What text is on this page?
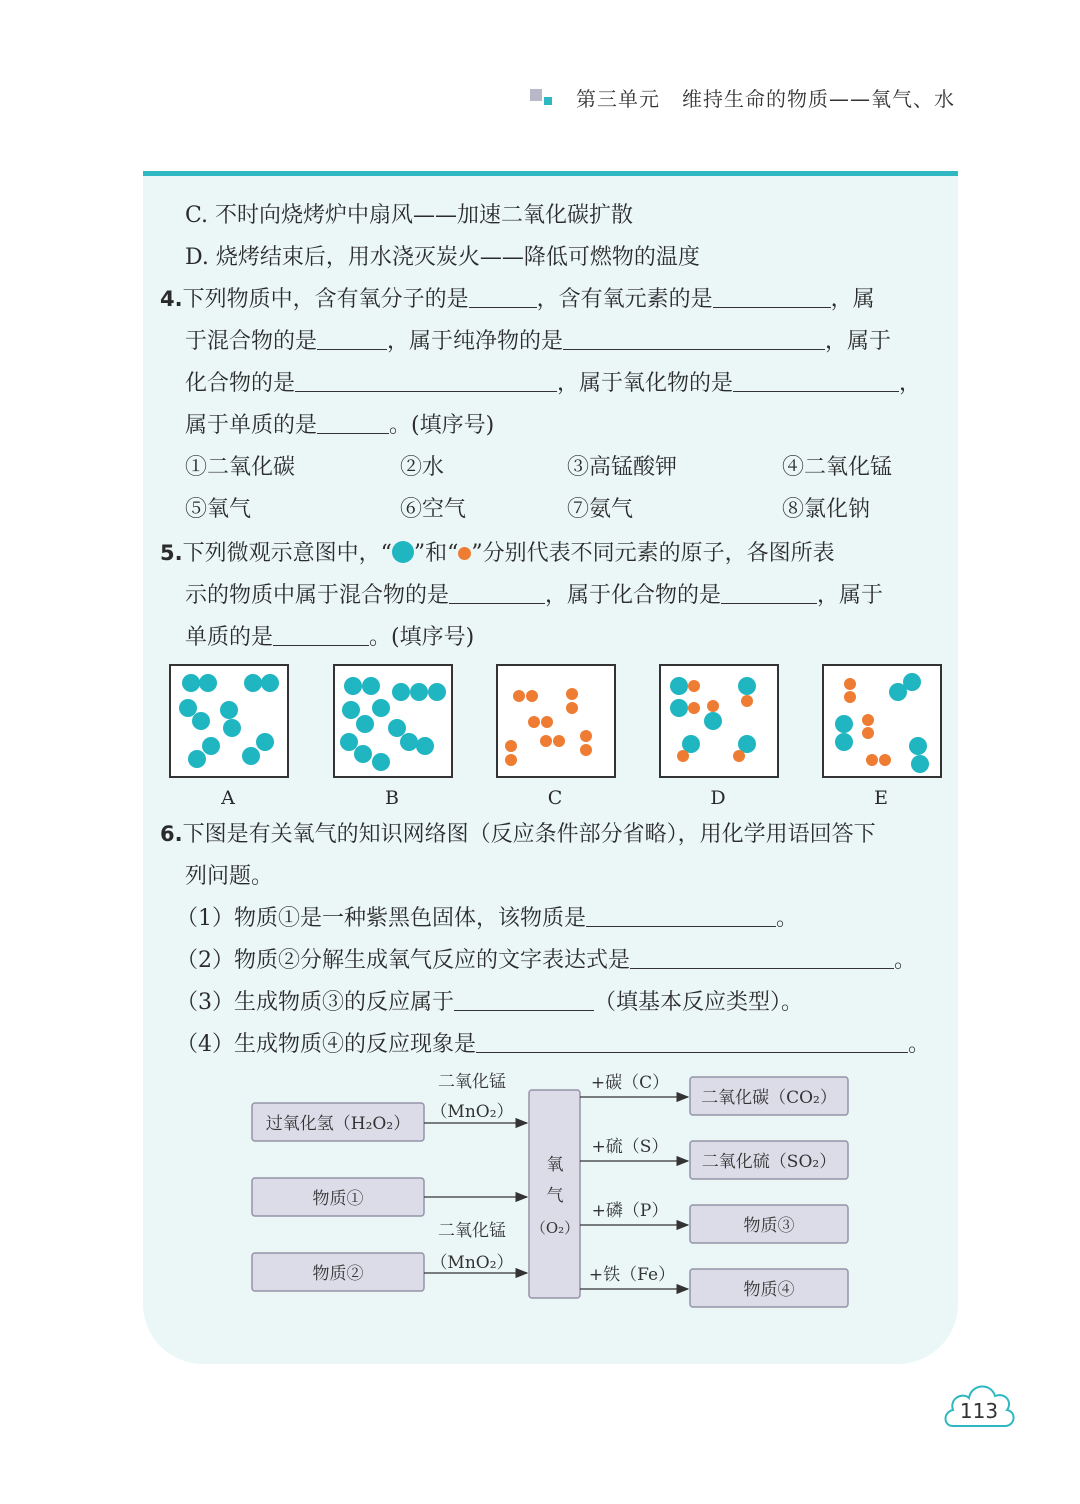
第三单元 维持生命的物质——氧气、水
C. 不时向烧烤炉中扇风——加速二氧化碳扩散
D. 烧烤结束后，用水浇灭炭火——降低可燃物的温度
4.下列物质中，含有氧分子的是	，含有氧元素的是	，属
于混合物的是	，属于纯净物的是	，属于
化合物的是	，属于氧化物的是	，
属于单质的是	。(填序号)
①二氧化碳	②水	③高锰酸钾	④二氧化锰
⑤氧气	⑥空气	⑦氨气	⑧氯化钠
5.下列微观示意图中，“ ”和“ ”分别代表不同元素的原子，各图所表
示的物质中属于混合物的是	，属于化合物的是	，属于
单质的是	。(填序号)
A	B	C	D	E
6.下图是有关氧气的知识网络图（反应条件部分省略），用化学用语回答下
列问题。
（1）物质①是一种紫黑色固体，该物质是	。
（2）物质②分解生成氧气反应的文字表达式是	。
（3）生成物质③的反应属于	（填基本反应类型）。
（4）生成物质④的反应现象是	。
过氧化氢（H₂O₂）
物质①
物质②
二氧化锰
（MnO₂）
二氧化锰
（MnO₂）
氧
气
（O₂）
+碳（C）
+硫（S）
+磷（P）
+铁（Fe）
二氧化碳（CO₂）
二氧化硫（SO₂）
物质③
物质④
113
